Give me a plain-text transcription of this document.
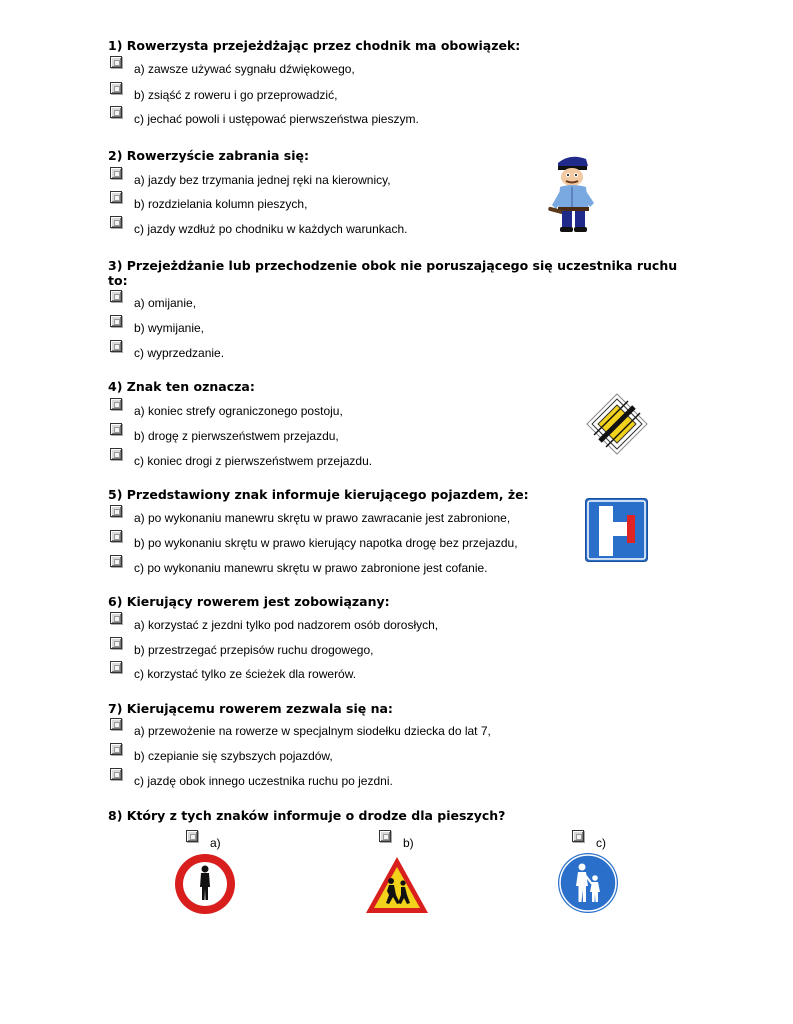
1) Rowerzysta przejeżdżając przez chodnik ma obowiązek:
a) zawsze używać sygnału dźwiękowego,
b) zsiąść z roweru i go przeprowadzić,
c) jechać powoli i ustępować pierwszeństwa pieszym.
2) Rowerzyście zabrania się:
a) jazdy bez trzymania jednej ręki na kierownicy,
b) rozdzielania kolumn pieszych,
c) jazdy wzdłuż po chodniku w każdych warunkach.
3) Przejeżdżanie lub przechodzenie obok nie poruszającego się uczestnika ruchu to:
a) omijanie,
b) wymijanie,
c) wyprzedzanie.
4) Znak ten oznacza:
a) koniec strefy ograniczonego postoju,
b) drogę z pierwszeństwem przejazdu,
c) koniec drogi z pierwszeństwem przejazdu.
5) Przedstawiony znak informuje kierującego pojazdem, że:
a) po wykonaniu manewru skrętu w prawo zawracanie jest zabronione,
b) po wykonaniu skrętu w prawo kierujący napotka drogę bez przejazdu,
c) po wykonaniu manewru skrętu w prawo zabronione jest cofanie.
6) Kierujący rowerem jest zobowiązany:
a) korzystać z jezdni tylko pod nadzorem osób dorosłych,
b) przestrzegać przepisów ruchu drogowego,
c) korzystać tylko ze ścieżek dla rowerów.
7) Kierującemu rowerem zezwala się na:
a) przewożenie na rowerze w specjalnym siodełku dziecka do lat 7,
b) czepianie się szybszych pojazdów,
c) jazdę obok innego uczestnika ruchu po jezdni.
8) Który z tych znaków informuje o drodze dla pieszych?
a)	b)	c)
